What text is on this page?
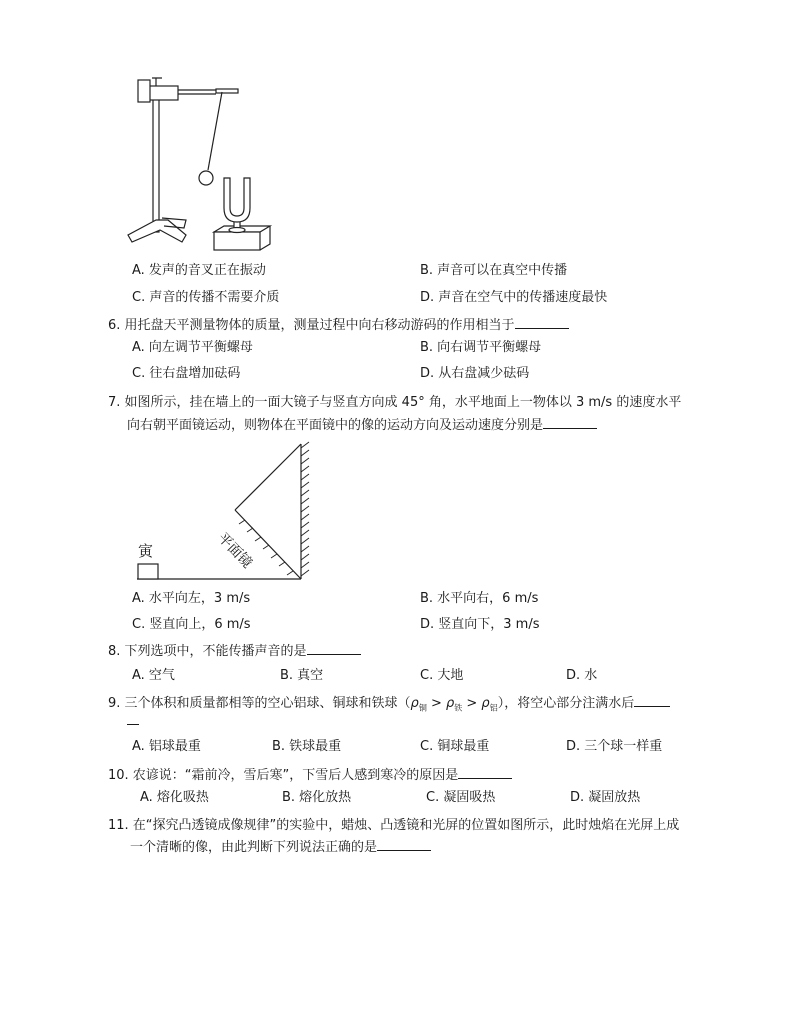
A. 发声的音叉正在振动	B. 声音可以在真空中传播
C. 声音的传播不需要介质	D. 声音在空气中的传播速度最快
6. 用托盘天平测量物体的质量，测量过程中向右移动游码的作用相当于
A. 向左调节平衡螺母	B. 向右调节平衡螺母
C. 往右盘增加砝码	D. 从右盘减少砝码
7. 如图所示，挂在墙上的一面大镜子与竖直方向成 45° 角，水平地面上一物体以 3 m/s 的速度水平
向右朝平面镜运动，则物体在平面镜中的像的运动方向及运动速度分别是
寅	平面镜
A. 水平向左，3 m/s	B. 水平向右，6 m/s
C. 竖直向上，6 m/s	D. 竖直向下，3 m/s
8. 下列选项中，不能传播声音的是
A. 空气	B. 真空	C. 大地	D. 水
9. 三个体积和质量都相等的空心铝球、铜球和铁球$(\rho_铜 > \rho_铁 > \rho_铝)$，将空心部分注满水后
A. 铝球最重	B. 铁球最重	C. 铜球最重	D. 三个球一样重
10. 农谚说：“霜前冷，雪后寒”，下雪后人感到寒冷的原因是
A. 熔化吸热	B. 熔化放热	C. 凝固吸热	D. 凝固放热
11. 在“探究凸透镜成像规律”的实验中，蜡烛、凸透镜和光屏的位置如图所示，此时烛焰在光屏上成
一个清晰的像，由此判断下列说法正确的是
